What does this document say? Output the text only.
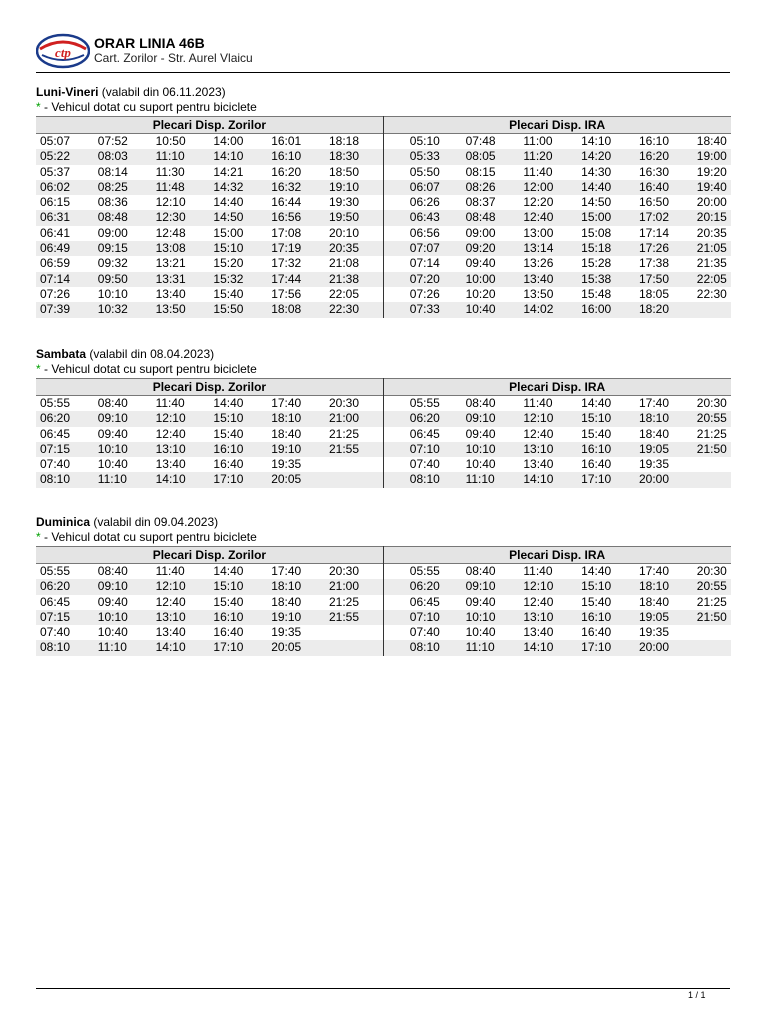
ctp
ORAR LINIA 46B
Cart. Zorilor - Str. Aurel Vlaicu
Luni-Vineri (valabil din 06.11.2023)
* - Vehicul dotat cu suport pentru biciclete
Plecari Disp. Zorilor
05:07	07:52	10:50	14:00	16:01	18:18
05:22	08:03	11:10	14:10	16:10	18:30
05:37	08:14	11:30	14:21	16:20	18:50
06:02	08:25	11:48	14:32	16:32	19:10
06:15	08:36	12:10	14:40	16:44	19:30
06:31	08:48	12:30	14:50	16:56	19:50
06:41	09:00	12:48	15:00	17:08	20:10
06:49	09:15	13:08	15:10	17:19	20:35
06:59	09:32	13:21	15:20	17:32	21:08
07:14	09:50	13:31	15:32	17:44	21:38
07:26	10:10	13:40	15:40	17:56	22:05
07:39	10:32	13:50	15:50	18:08	22:30
Plecari Disp. IRA
05:10	07:48	11:00	14:10	16:10	18:40
05:33	08:05	11:20	14:20	16:20	19:00
05:50	08:15	11:40	14:30	16:30	19:20
06:07	08:26	12:00	14:40	16:40	19:40
06:26	08:37	12:20	14:50	16:50	20:00
06:43	08:48	12:40	15:00	17:02	20:15
06:56	09:00	13:00	15:08	17:14	20:35
07:07	09:20	13:14	15:18	17:26	21:05
07:14	09:40	13:26	15:28	17:38	21:35
07:20	10:00	13:40	15:38	17:50	22:05
07:26	10:20	13:50	15:48	18:05	22:30
07:33	10:40	14:02	16:00	18:20
Sambata (valabil din 08.04.2023)
* - Vehicul dotat cu suport pentru biciclete
Plecari Disp. Zorilor
05:55	08:40	11:40	14:40	17:40	20:30
06:20	09:10	12:10	15:10	18:10	21:00
06:45	09:40	12:40	15:40	18:40	21:25
07:15	10:10	13:10	16:10	19:10	21:55
07:40	10:40	13:40	16:40	19:35
08:10	11:10	14:10	17:10	20:05
Plecari Disp. IRA
05:55	08:40	11:40	14:40	17:40	20:30
06:20	09:10	12:10	15:10	18:10	20:55
06:45	09:40	12:40	15:40	18:40	21:25
07:10	10:10	13:10	16:10	19:05	21:50
07:40	10:40	13:40	16:40	19:35
08:10	11:10	14:10	17:10	20:00
Duminica (valabil din 09.04.2023)
* - Vehicul dotat cu suport pentru biciclete
Plecari Disp. Zorilor
05:55	08:40	11:40	14:40	17:40	20:30
06:20	09:10	12:10	15:10	18:10	21:00
06:45	09:40	12:40	15:40	18:40	21:25
07:15	10:10	13:10	16:10	19:10	21:55
07:40	10:40	13:40	16:40	19:35
08:10	11:10	14:10	17:10	20:05
Plecari Disp. IRA
05:55	08:40	11:40	14:40	17:40	20:30
06:20	09:10	12:10	15:10	18:10	20:55
06:45	09:40	12:40	15:40	18:40	21:25
07:10	10:10	13:10	16:10	19:05	21:50
07:40	10:40	13:40	16:40	19:35
08:10	11:10	14:10	17:10	20:00
1 / 1
